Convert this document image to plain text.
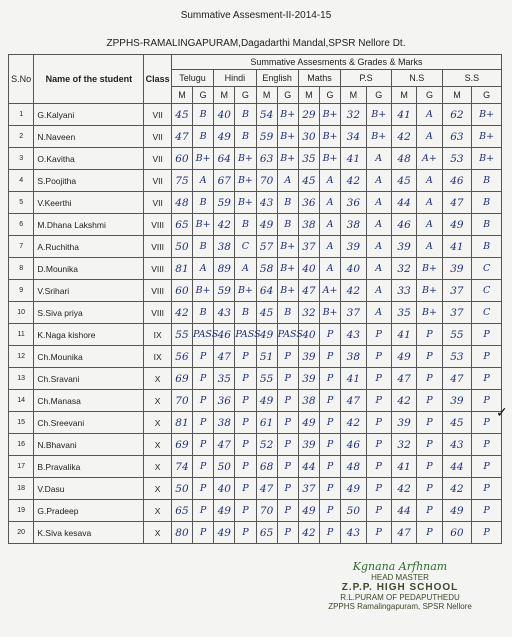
Summative Assesment-II-2014-15
ZPPHS-RAMALINGAPURAM,Dagadarthi Mandal,SPSR Nellore Dt.
S.No	Name of the student	Class	Summative Assesments & Grades & Marks													
			Telugu		Hindi		English		Maths		P.S		N.S		S.S	
			M	G	M	G	M	G	M	G	M	G	M	G	M	G
1	G.Kalyani	VII	45	B	40	B	54	B+	29	B+	32	B+	41	A	62	B+
2	N.Naveen	VII	47	B	49	B	59	B+	30	B+	34	B+	42	A	63	B+
3	O.Kavitha	VII	60	B+	64	B+	63	B+	35	B+	41	A	48	A+	53	B+
4	S.Poojitha	VII	75	A	67	B+	70	A	45	A	42	A	45	A	46	B
5	V.Keerthi	VII	48	B	59	B+	43	B	36	A	36	A	44	A	47	B
6	M.Dhana Lakshmi	VIII	65	B+	42	B	49	B	38	A	38	A	46	A	49	B
7	A.Ruchitha	VIII	50	B	38	C	57	B+	37	A	39	A	39	A	41	B
8	D.Mounika	VIII	81	A	89	A	58	B+	40	A	40	A	32	B+	39	C
9	V.Srihari	VIII	60	B+	59	B+	64	B+	47	A+	42	A	33	B+	37	C
10	S.Siva priya	VIII	42	B	43	B	45	B	32	B+	37	A	35	B+	37	C
11	K.Naga kishore	IX	55	PASS	46	PASS	49	PASS	40	P	43	P	41	P	55	P
12	Ch.Mounika	IX	56	P	47	P	51	P	39	P	38	P	49	P	53	P
13	Ch.Sravani	X	69	P	35	P	55	P	39	P	41	P	47	P	47	P
14	Ch.Manasa	X	70	P	36	P	49	P	38	P	47	P	42	P	39	P
15	Ch.Sreevani	X	81	P	38	P	61	P	49	P	42	P	39	P	45	P
16	N.Bhavani	X	69	P	47	P	52	P	39	P	46	P	32	P	43	P
17	B.Pravalika	X	74	P	50	P	68	P	44	P	48	P	41	P	44	P
18	V.Dasu	X	50	P	40	P	47	P	37	P	49	P	42	P	42	P
19	G.Pradeep	X	65	P	49	P	70	P	49	P	50	P	44	P	49	P
20	K.Siva kesava	X	80	P	49	P	65	P	42	P	43	P	47	P	60	P
✓
Kgnana Arfhnam
HEAD MASTER
Z.P.P. HIGH SCHOOL
R.L.PURAM OF PEDAPUTHEDU
ZPPHS Ramalingapuram, SPSR Nellore
